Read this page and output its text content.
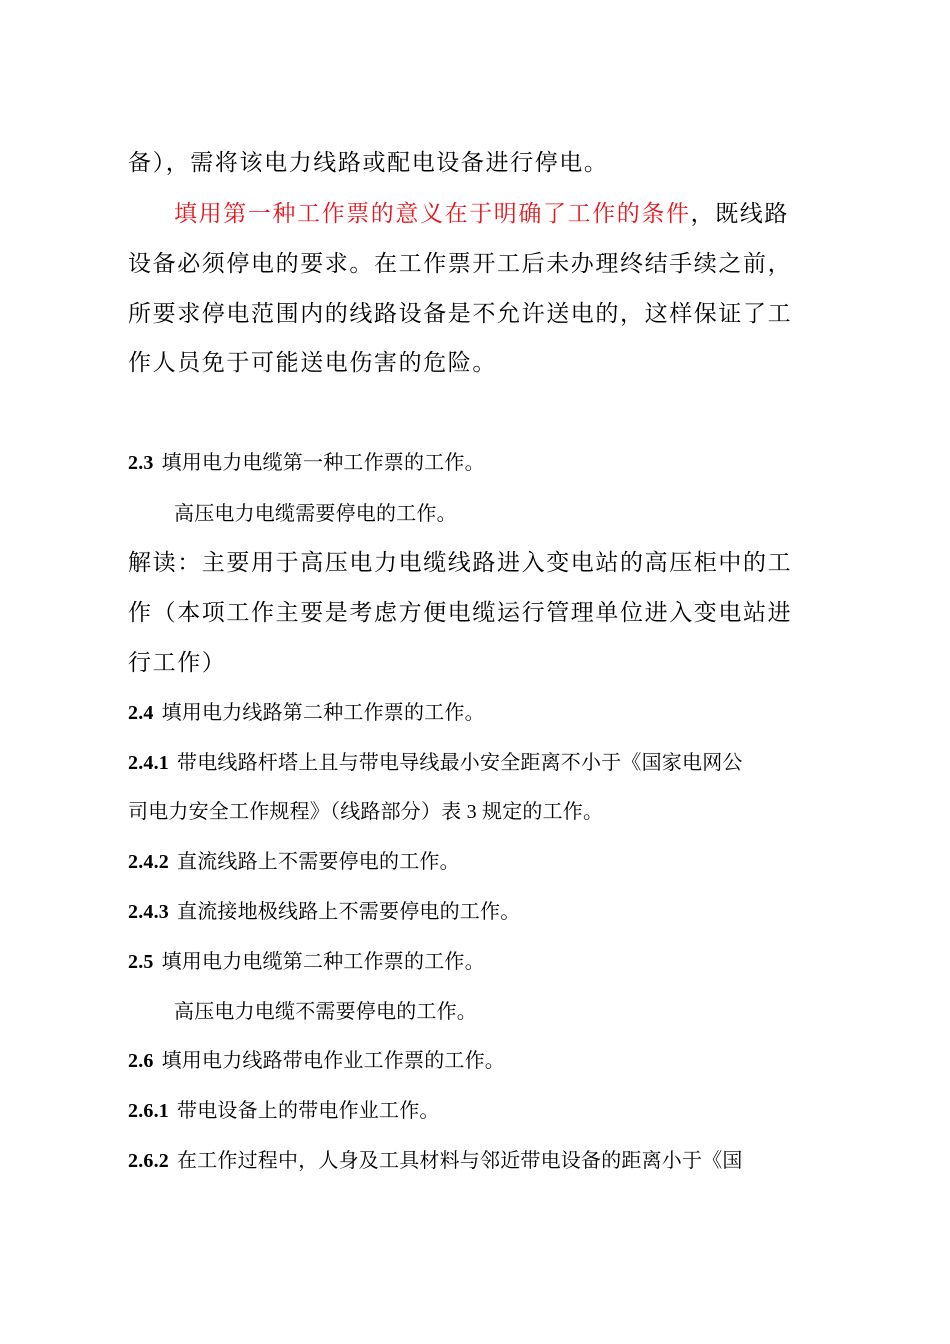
备），需将该电力线路或配电设备进行停电。
填用第一种工作票的意义在于明确了工作的条件，既线路
设备必须停电的要求。在工作票开工后未办理终结手续之前，
所要求停电范围内的线路设备是不允许送电的，这样保证了工
作人员免于可能送电伤害的危险。
2.3 填用电力电缆第一种工作票的工作。
高压电力电缆需要停电的工作。
解读：主要用于高压电力电缆线路进入变电站的高压柜中的工
作（本项工作主要是考虑方便电缆运行管理单位进入变电站进
行工作）
2.4 填用电力线路第二种工作票的工作。
2.4.1 带电线路杆塔上且与带电导线最小安全距离不小于《国家电网公
司电力安全工作规程》（线路部分）表 3 规定的工作。
2.4.2 直流线路上不需要停电的工作。
2.4.3 直流接地极线路上不需要停电的工作。
2.5 填用电力电缆第二种工作票的工作。
高压电力电缆不需要停电的工作。
2.6 填用电力线路带电作业工作票的工作。
2.6.1 带电设备上的带电作业工作。
2.6.2 在工作过程中，人身及工具材料与邻近带电设备的距离小于《国
